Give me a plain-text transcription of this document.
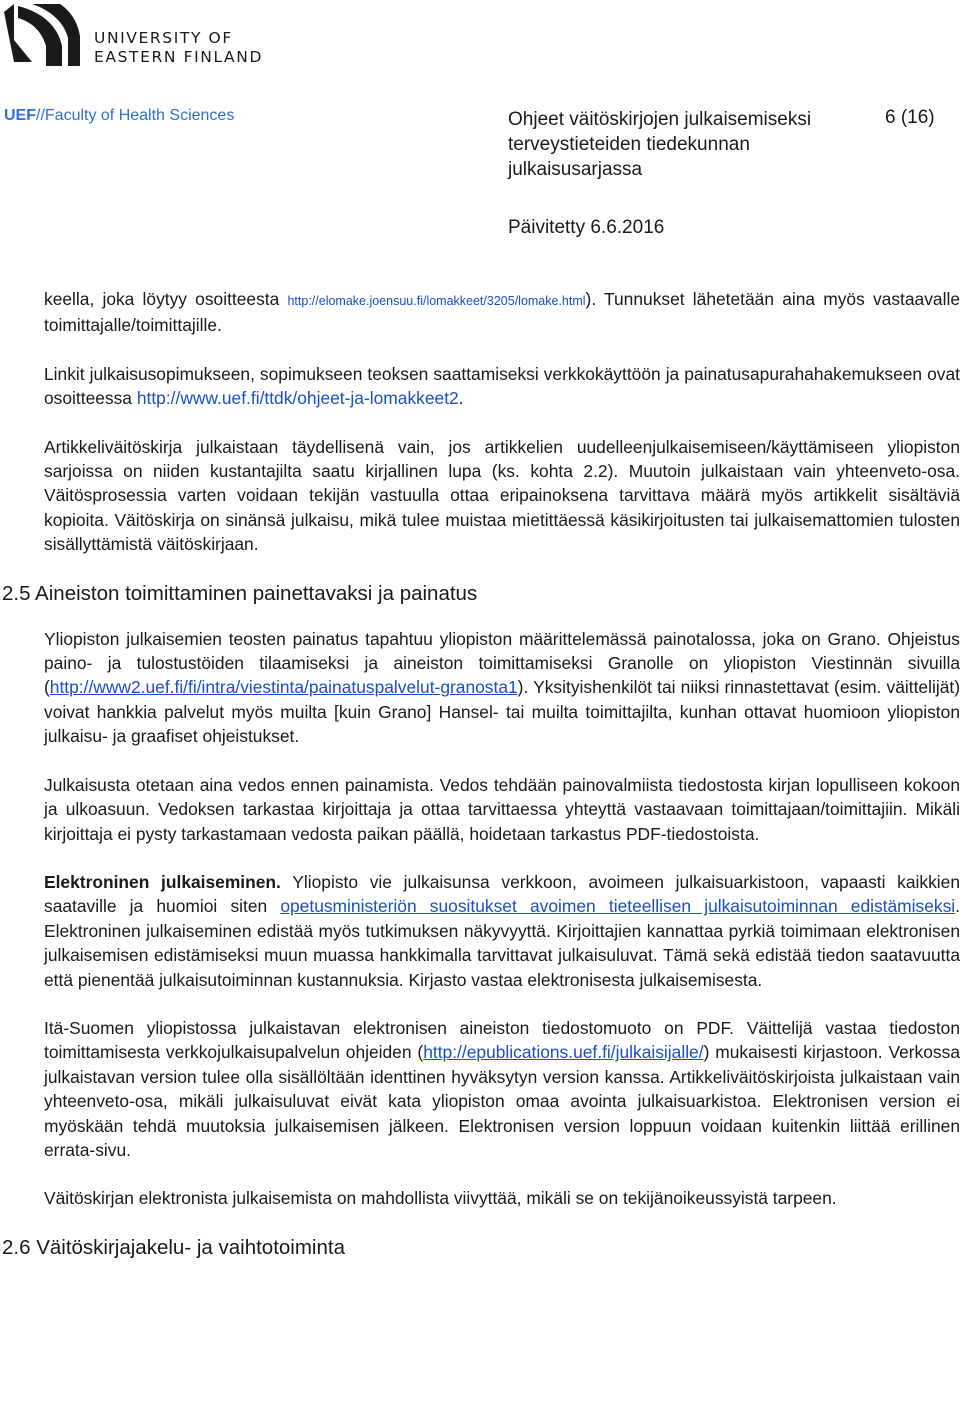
UNIVERSITY OF
EASTERN FINLAND
UEF//Faculty of Health Sciences	Ohjeet väitöskirjojen julkaisemiseksi terveystieteiden tiedekunnan julkaisusarjassa
6 (16)
Päivitetty 6.6.2016

keella, joka löytyy osoitteesta http://elomake.joensuu.fi/lomakkeet/3205/lomake.html). Tunnukset lähetetään aina myös vastaavalle toimittajalle/toimittajille.

Linkit julkaisusopimukseen, sopimukseen teoksen saattamiseksi verkkokäyttöön ja painatusapurahahakemukseen ovat osoitteessa http://www.uef.fi/ttdk/ohjeet-ja-lomakkeet2.

Artikkeliväitöskirja julkaistaan täydellisenä vain, jos artikkelien uudelleenjulkaisemiseen/käyttämiseen yliopiston sarjoissa on niiden kustantajilta saatu kirjallinen lupa (ks. kohta 2.2). Muutoin julkaistaan vain yhteenveto-osa. Väitösprosessia varten voidaan tekijän vastuulla ottaa eripainoksena tarvittava määrä myös artikkelit sisältäviä kopioita. Väitöskirja on sinänsä julkaisu, mikä tulee muistaa mietittäessä käsikirjoitusten tai julkaisemattomien tulosten sisällyttämistä väitöskirjaan.

2.5 Aineiston toimittaminen painettavaksi ja painatus

Yliopiston julkaisemien teosten painatus tapahtuu yliopiston määrittelemässä painotalossa, joka on Grano. Ohjeistus paino- ja tulostustöiden tilaamiseksi ja aineiston toimittamiseksi Granolle on yliopiston Viestinnän sivuilla (http://www2.uef.fi/fi/intra/viestinta/painatuspalvelut-granosta1). Yksityishenkilöt tai niiksi rinnastettavat (esim. väittelijät) voivat hankkia palvelut myös muilta [kuin Grano] Hansel- tai muilta toimittajilta, kunhan ottavat huomioon yliopiston julkaisu- ja graafiset ohjeistukset.

Julkaisusta otetaan aina vedos ennen painamista. Vedos tehdään painovalmiista tiedostosta kirjan lopulliseen kokoon ja ulkoasuun. Vedoksen tarkastaa kirjoittaja ja ottaa tarvittaessa yhteyttä vastaavaan toimittajaan/toimittajiin. Mikäli kirjoittaja ei pysty tarkastamaan vedosta paikan päällä, hoidetaan tarkastus PDF-tiedostoista.

Elektroninen julkaiseminen. Yliopisto vie julkaisunsa verkkoon, avoimeen julkaisuarkistoon, vapaasti kaikkien saataville ja huomioi siten opetusministeriön suositukset avoimen tieteellisen julkaisutoiminnan edistämiseksi. Elektroninen julkaiseminen edistää myös tutkimuksen näkyvyyttä. Kirjoittajien kannattaa pyrkiä toimimaan elektronisen julkaisemisen edistämiseksi muun muassa hankkimalla tarvittavat julkaisuluvat. Tämä sekä edistää tiedon saatavuutta että pienentää julkaisutoiminnan kustannuksia. Kirjasto vastaa elektronisesta julkaisemisesta.

Itä-Suomen yliopistossa julkaistavan elektronisen aineiston tiedostomuoto on PDF. Väittelijä vastaa tiedoston toimittamisesta verkkojulkaisupalvelun ohjeiden (http://epublications.uef.fi/julkaisijalle/) mukaisesti kirjastoon. Verkossa julkaistavan version tulee olla sisällöltään identtinen hyväksytyn version kanssa. Artikkeliväitöskirjoista julkaistaan vain yhteenveto-osa, mikäli julkaisuluvat eivät kata yliopiston omaa avointa julkaisuarkistoa. Elektronisen version ei myöskään tehdä muutoksia julkaisemisen jälkeen. Elektronisen version loppuun voidaan kuitenkin liittää erillinen errata-sivu.

Väitöskirjan elektronista julkaisemista on mahdollista viivyttää, mikäli se on tekijänoikeussyistä tarpeen.

2.6 Väitöskirjajakelu- ja vaihtotoiminta
